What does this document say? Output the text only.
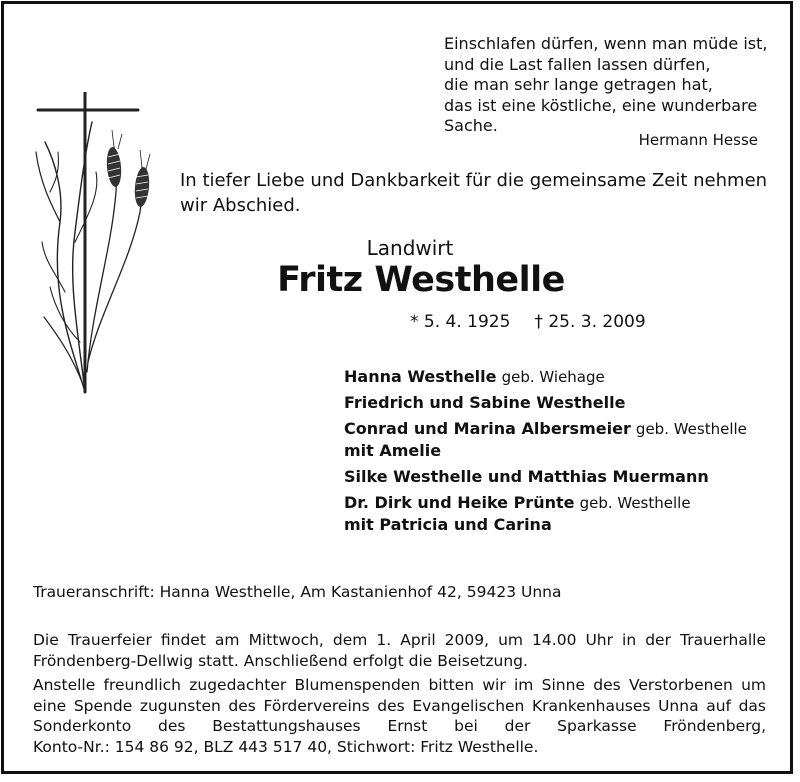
Einschlafen dürfen, wenn man müde ist,
und die Last fallen lassen dürfen,
die man sehr lange getragen hat,
das ist eine köstliche, eine wunderbare
Sache.
Hermann Hesse
In tiefer Liebe und Dankbarkeit für die gemeinsame Zeit nehmen
wir Abschied.
Landwirt
Fritz Westhelle
* 5. 4. 1925 † 25. 3. 2009
Hanna Westhelle geb. Wiehage
Friedrich und Sabine Westhelle
Conrad und Marina Albersmeier geb. Westhelle
mit Amelie
Silke Westhelle und Matthias Muermann
Dr. Dirk und Heike Prünte geb. Westhelle
mit Patricia und Carina
Traueranschrift: Hanna Westhelle, Am Kastanienhof 42, 59423 Unna
Die Trauerfeier findet am Mittwoch, dem 1. April 2009, um 14.00 Uhr in der Trauerhalle
Fröndenberg-Dellwig statt. Anschließend erfolgt die Beisetzung.
Anstelle freundlich zugedachter Blumenspenden bitten wir im Sinne des Verstorbenen um
eine Spende zugunsten des Fördervereins des Evangelischen Krankenhauses Unna auf das
Sonderkonto des Bestattungshauses Ernst bei der Sparkasse Fröndenberg,
Konto-Nr.: 154 86 92, BLZ 443 517 40, Stichwort: Fritz Westhelle.
